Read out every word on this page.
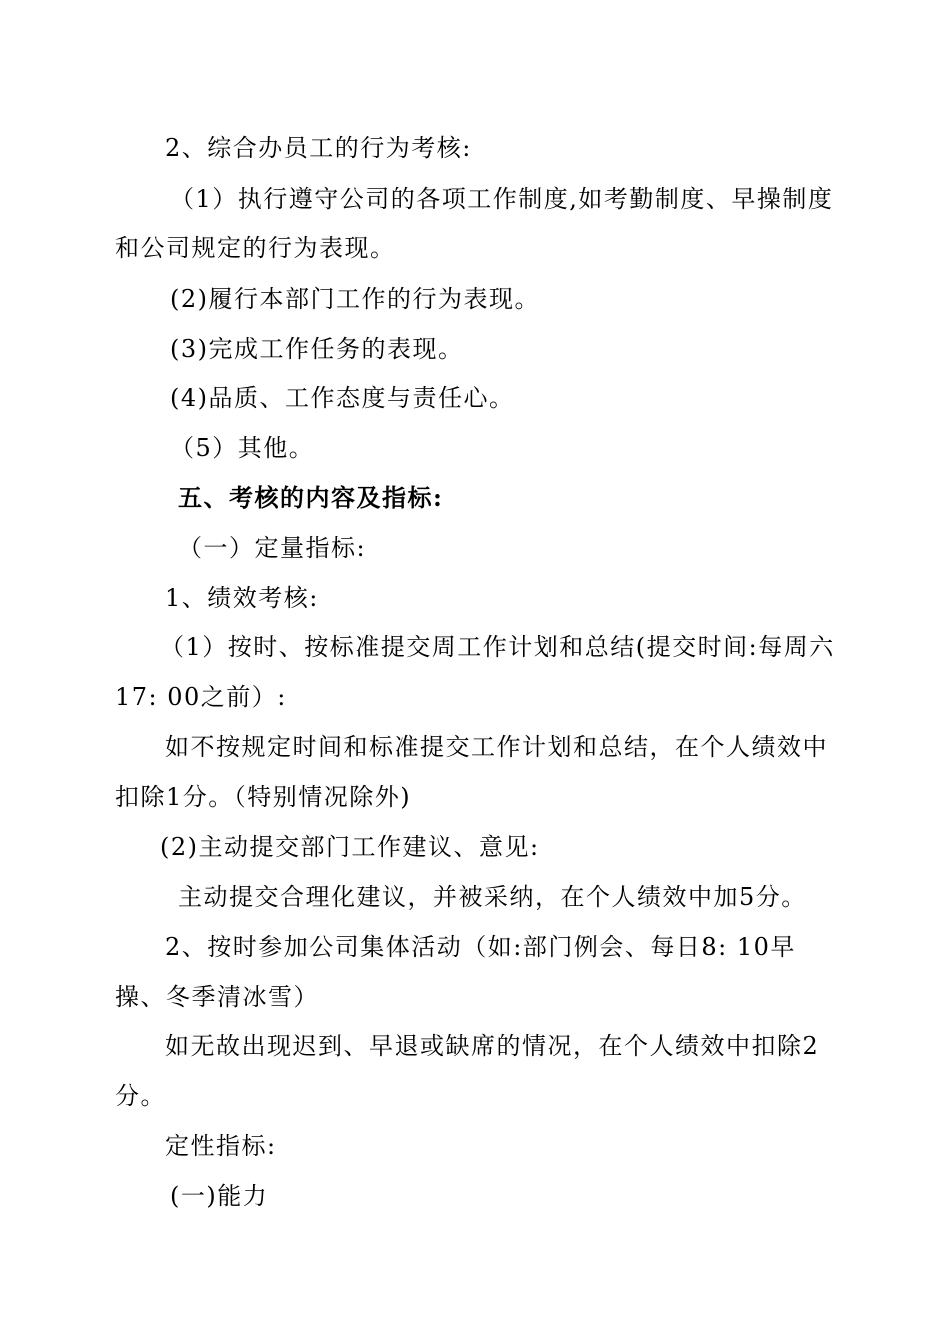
2、综合办员工的行为考核:
（1）执行遵守公司的各项工作制度,如考勤制度、早操制度
和公司规定的行为表现。
(2)履行本部门工作的行为表现。
(3)完成工作任务的表现。
(4)品质、工作态度与责任心。
（5）其他。
五、考核的内容及指标:
（一）定量指标:
1、绩效考核:
（1）按时、按标准提交周工作计划和总结(提交时间:每周六
17: 00之前）:
如不按规定时间和标准提交工作计划和总结，在个人绩效中
扣除1分。（特别情况除外)
(2)主动提交部门工作建议、意见:
主动提交合理化建议，并被采纳，在个人绩效中加5分。
2、按时参加公司集体活动（如:部门例会、每日8: 10早
操、冬季清冰雪）
如无故出现迟到、早退或缺席的情况，在个人绩效中扣除2
分。
定性指标:
(一)能力
